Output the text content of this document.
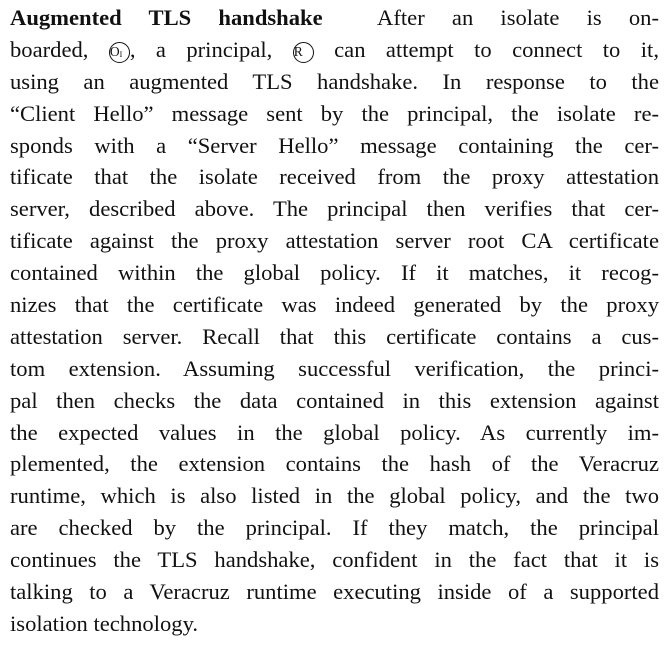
Augmented TLS handshake After an isolate is on-
boarded, $O_I$ , a principal, R can attempt to connect to it,
using an augmented TLS handshake. In response to the
“Client Hello” message sent by the principal, the isolate re-
sponds with a “Server Hello” message containing the cer-
tificate that the isolate received from the proxy attestation
server, described above. The principal then verifies that cer-
tificate against the proxy attestation server root CA certificate
contained within the global policy. If it matches, it recog-
nizes that the certificate was indeed generated by the proxy
attestation server. Recall that this certificate contains a cus-
tom extension. Assuming successful verification, the princi-
pal then checks the data contained in this extension against
the expected values in the global policy. As currently im-
plemented, the extension contains the hash of the Veracruz
runtime, which is also listed in the global policy, and the two
are checked by the principal. If they match, the principal
continues the TLS handshake, confident in the fact that it is
talking to a Veracruz runtime executing inside of a supported
isolation technology.
